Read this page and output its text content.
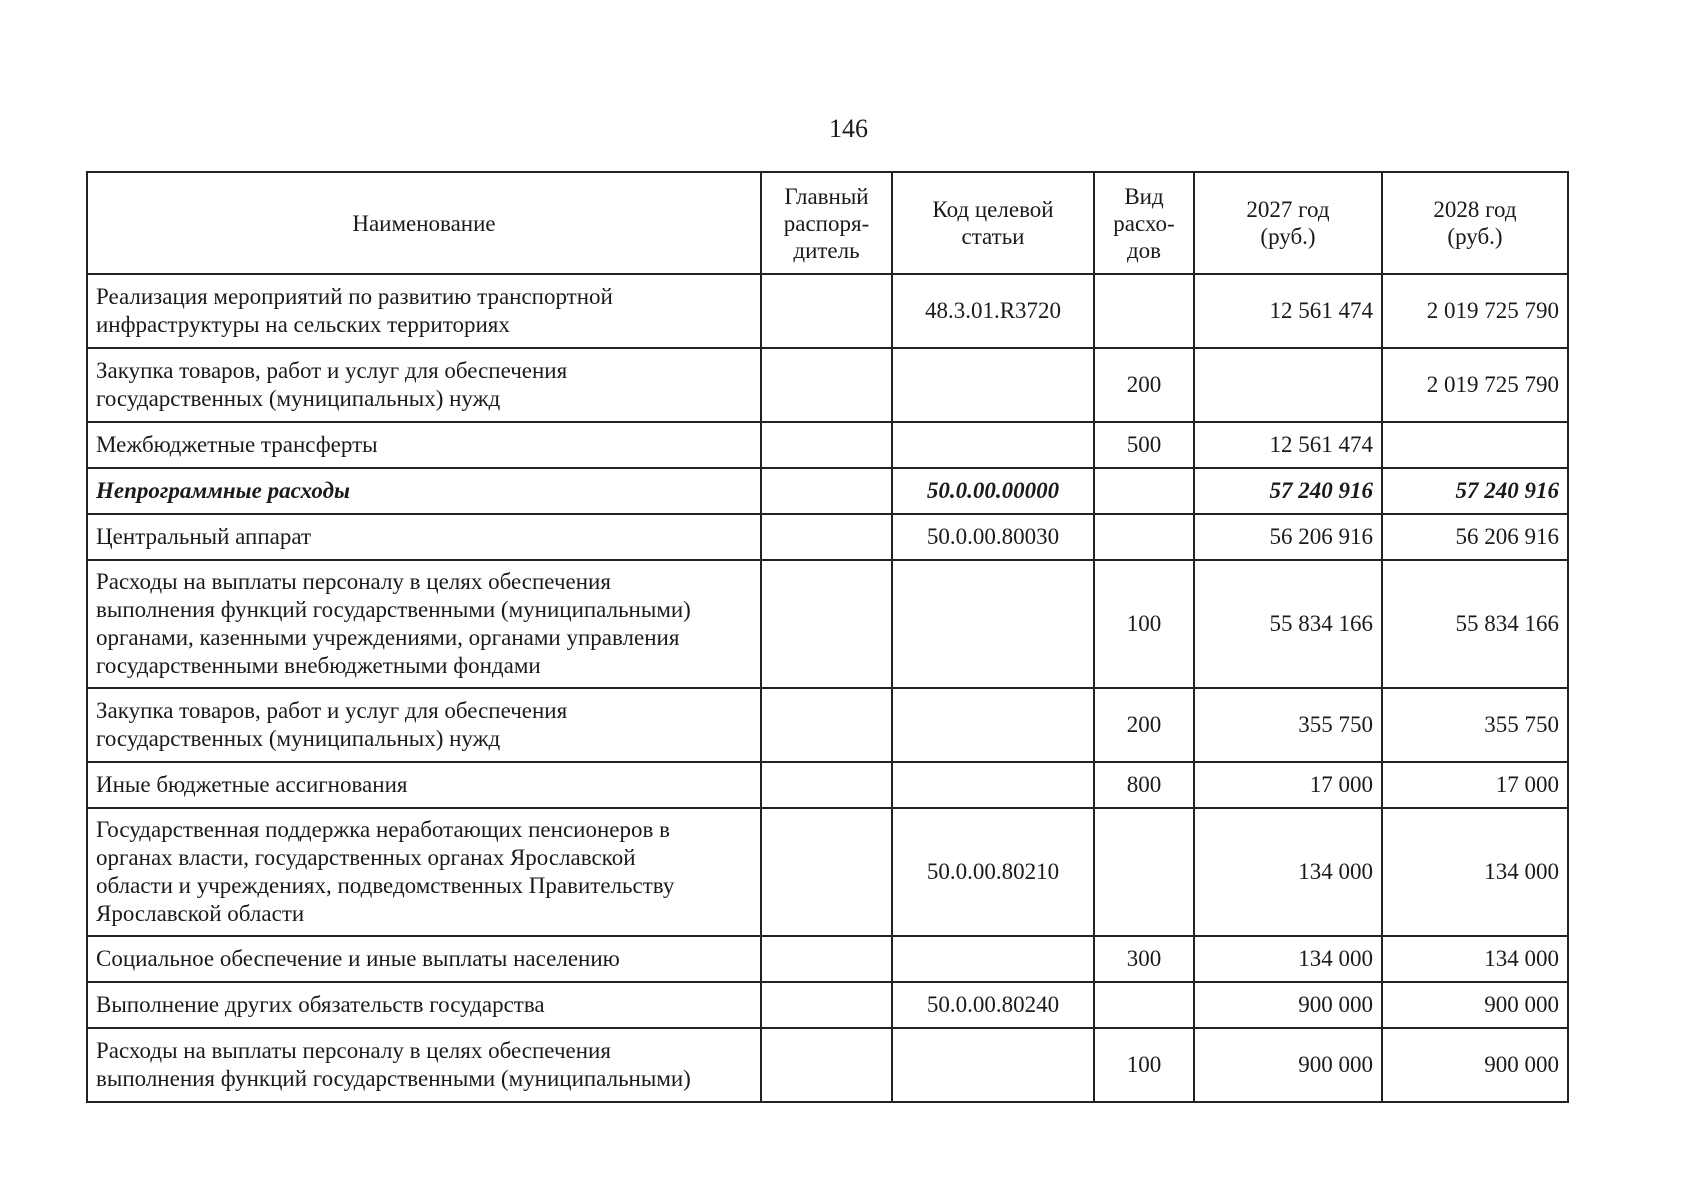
146
Наименование	Главный
распоря-
дитель	Код целевой
статьи	Вид
расхо-
дов	2027 год
(руб.)	2028 год
(руб.)
Реализация мероприятий по развитию транспортной
инфраструктуры на сельских территориях		48.3.01.R3720		12 561 474	2 019 725 790
Закупка товаров, работ и услуг для обеспечения
государственных (муниципальных) нужд			200		2 019 725 790
Межбюджетные трансферты			500	12 561 474	
Непрограммные расходы		50.0.00.00000		57 240 916	57 240 916
Центральный аппарат		50.0.00.80030		56 206 916	56 206 916
Расходы на выплаты персоналу в целях обеспечения
выполнения функций государственными (муниципальными)
органами, казенными учреждениями, органами управления
государственными внебюджетными фондами			100	55 834 166	55 834 166
Закупка товаров, работ и услуг для обеспечения
государственных (муниципальных) нужд			200	355 750	355 750
Иные бюджетные ассигнования			800	17 000	17 000
Государственная поддержка неработающих пенсионеров в
органах власти, государственных органах Ярославской
области и учреждениях, подведомственных Правительству
Ярославской области		50.0.00.80210		134 000	134 000
Социальное обеспечение и иные выплаты населению			300	134 000	134 000
Выполнение других обязательств государства		50.0.00.80240		900 000	900 000
Расходы на выплаты персоналу в целях обеспечения
выполнения функций государственными (муниципальными)			100	900 000	900 000
